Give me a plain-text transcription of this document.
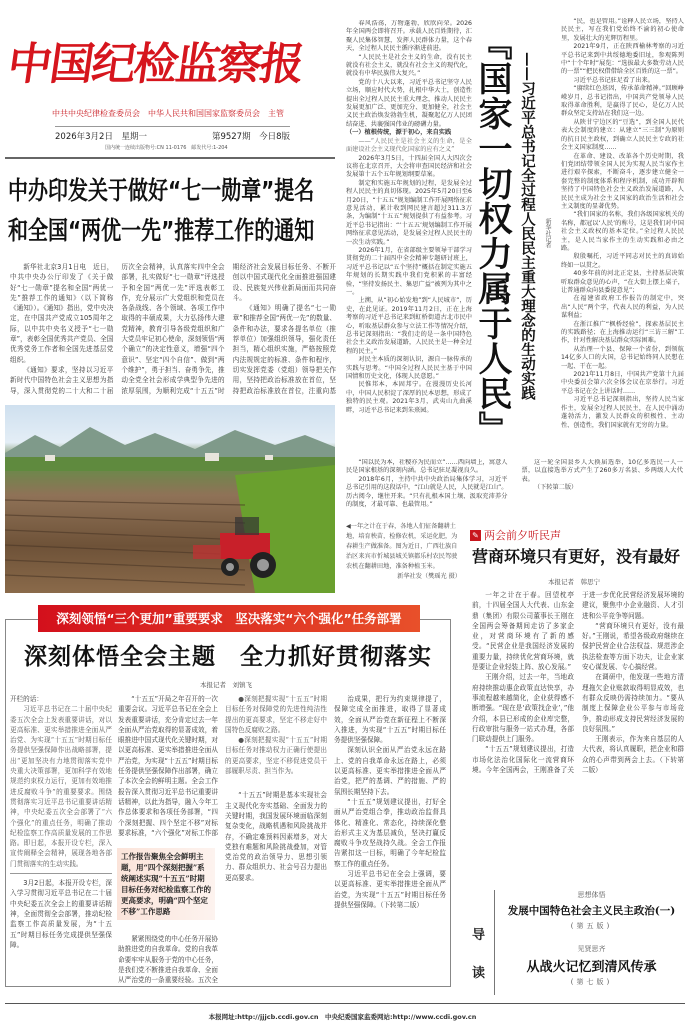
中国纪检监察报
中共中央纪律检查委员会　中华人民共和国国家监察委员会　主管
2026年3月2日　星期一	第9527期　今日8版
国内统一连续出版物号:CN 11-0176　邮发代号:1-204
中办印发关于做好“七一勋章”提名
和全国“两优一先”推荐工作的通知

新华社北京3月1日电　近日，中共中央办公厅印发了《关于做好“七一勋章”提名和全国“两优一先”推荐工作的通知》（以下简称《通知》）。《通知》指出，党中央决定，在中国共产党成立105周年之际，以中共中央名义授予“七一勋章”，表彰全国优秀共产党员、全国优秀党务工作者和全国先进基层党组织。

《通知》要求，坚持以习近平新时代中国特色社会主义思想为指导，深入贯彻党的二十大和二十届历次全会精神，认真落实四中全会部署，扎实做好“七一勋章”评选授予和全国“两优一先”评选表彰工作，充分展示广大党组织和党员在各条战线、各个领域、各项工作中取得的丰硕成果，大力弘扬伟大建党精神，教育引导各级党组织和广大党员牢记初心使命，深刻领悟“两个确立”的决定性意义，增强“四个意识”、坚定“四个自信”、做到“两个维护”，勇于担当、奋勇争先，推动全党全社会形成学典型争先进的浓厚氛围，为顺利完成“十五五”时期经济社会发展目标任务、不断开创以中国式现代化全面推进强国建设、民族复兴伟业新局面而共同奋斗。

《通知》明确了提名“七一勋章”和推荐全国“两优一先”的数量、条件和办法，要求各提名单位（推荐单位）加强组织领导，强化责任担当，精心组织实施，严格按照党内法规规定的标准、条件和程序，切实发挥党委（党组）领导把关作用，坚持把政治标准放在首位，坚持把政治标准放在首位，注重向基

◀一年之计在于春，各地人们征备翻耕土地，培育秧苗，检修农机，采运化肥，为春耕生产做准备。图为近日，广西壮族自治区来宾市忻城县城关镇都乐村农民驾驶农机在翻耕田地，准备种植玉米。
新华社发（樊瑶光 摄）

春风浩荡，万物蓬勃，欣欣向荣。2026年全国两会即将召开。承载人民百姓期待，汇聚人民集体智慧，发挥人民群体力量，这个春天，全过程人民民主循序渐进前进。

“人民民主是社会主义的生命，没有民主就没有社会主义，就没有社会主义的现代化，就没有中华民族伟大复兴。”

党的十八大以来，习近平总书记坚守人民立场，顺应时代大势，扎根中华大土，创造性提出全过程人民民主重大理念，推动人民民主发展更加广泛、更加充分、更加健全，社会主义民主政治焕发勃勃生机，凝聚起亿万人民团结奋进、共襄强国伟业的磅礴力量。

（一）植根传统，源于初心，来自实践

——“人民民主是社会主义的生命，是全面建设社会主义现代化国家的应有之义”

2026年3月5日，十四届全国人大四次会议将在北京召开，大会将审查国民经济和社会发展第十五个五年规划纲要草案。

制定和实施五年规划的过程，是发展全过程人民民主的真切体现。2025年5月20日至6月20日，“十五五”规划编制工作开展网络征求意见活动，累计收到网民建言超过311.3万条，为编制“十五五”规划提供了有益参考。习近平总书记指出：“‘十五五’规划编制工作开展网络征求意见活动，是发展全过程人民民主的一次生动实践。”

2026年1月，在省部级主要领导干部学习贯彻党的二十届四中全会精神专题研讨班上，习近平总书记以“五个坚持”概括在制定实施五年规划的长期实践中我们党积累的丰富经验，“坚持发扬民主、集思广益”被列为其中之一。

上溯，从“初心始发地”到“人民城市”，历史，在此见证。2019年11月2日，正在上海考察的习近平总书记来到虹桥街道古北市民中心，听取基层群众参与立法工作等情况介绍，总书记深刻指出：“我们走的是一条中国特色社会主义政治发展道路，人民民主是一种全过程的民主。”

对民主本质的深刻认识，源自一脉传承的实践与思考。“中国全过程人民民主基于中国国情和历史文化，体现人民意愿。”

民惟邦本，本固邦宁。在漫漫历史长河中，中国人民积淀了深厚的民本思想，形成了独特的民主观。2021年3月，武夷山九曲溪畔，习近平总书记来到朱熹园。	『国家一切权力属于人民』 ——习近平总书记全过程人民民主重大理念的生动实践 新华社记者

“民，也是管用。”诠释人民立场，坚持人民民主，写在我们党始终不渝的初心使命里，发展壮大的光辉历程里。

2021年9月，正在陕西榆林考察的习近平总书记来到中共绥德地委旧址，参观陈列中“十个年时”展览：“选拔最大多数劳动人民的一票”“把民权借借给全区百姓的这一票”。

习近平总书记驻足看了出来。

“赓续红色基因，传承革命精神。”回顾峥嵘岁月，总书记指出，中国共产党领导人民取得革命胜利，是赢得了民心，是亿万人民群众坚定支持站在我们这一边。

从陕甘宁边区的“豆选”，到全国人民代表大会制度的建立：从建立“三三制”为原则的抗日民主政权，到确立人民民主专政的社会主义国家制度……

在革命、建设、改革各个历史时期，我们党团结带领全国人民为实现人民当家作主进行艰辛探索，不断奋斗，逐步建立健全一套完整的制度体系和程序机制，成功开辟和坚持了中国特色社会主义政治发展道路，人民民主成为社会主义国家的政治生活和社会主义制度的显著优势。

“我们国家的名称，我们各级国家机关的名称，都冠以‘人民’的称号，这是我们对中国社会主义政权的基本定位。”全过程人民民主，是人民当家作主的生动实践和必由之路。

殷殷嘱托，习近平同志对民主的真谛始终如一以贯之。

40多年前的河北正定县，主持基层决策听取群众意见的心声，“在大街上摆上桌子，让普通群众向县委提意见”；

在福建省政府工作报告的制定中，突出“人民”两个字，代表人民的利益，为人民谋利益；

在浙江推广“枫桥经验”，探索基层民主的实践路径；在上海推动运行“三访三解”工作，针对性解决基层群众实际困难。

从治理一个县、保障一个省份，到领航14亿多人口的大国，总书记始终同人民想在一起、干在一起。

2021年11月8日，中国共产党第十九届中央委员会第六次全体会议在京举行。习近平总书记在会上讲话时……

习近平总书记深刻指出，坚持人民当家作主，发展全过程人民民主，在人民中涌动蓬勃活力，激发人民群众的积极性、主动性、创造性，我们国家就有无穷的力量。

“国以民为本，社稷亦为民而立”……西向墙上，寓意人民是国家根基的深刻内涵。总书记驻足凝视良久。

2018年6月，主持中共中央政治局集体学习，习近平总书记引用的这段话中，“江山就是人民，人民就是江山”。历古阅今，继往开来。“只有扎根本国土壤、汲取充沛养分的制度，才最可靠、也最管用。”

这一轮全国县乡人大换届选举，10亿多选民一人一票，以直接选举方式产生了260多万名县、乡两级人大代表。

（下转第二版）

✎ 两会前夕听民声
营商环境只有更好，没有最好
本报记者　韩思宁

一年之计在于春。回望枕亭前，十四届全国人大代表、山东金鼎（集团）有限公司董事长王刚在全国两会筹备期间走访了多家企业，对营商环境有了新的感受。“民营企业是我国经济发展的重要力量，持续优化营商环境，就是要让企业轻装上阵、放心发展。”

王刚介绍，过去一年，当地政府持续推动惠企政策直达快享，办事流程越来越简化，企业获得感不断增强。“现在是‘政策找企业’，”他介绍，本县已形成的企业库完整，行政审批与服务一站式办理，各部门联动提供上门服务。

“十五五”规划建议提出，打造市场化法治化国际化一流营商环境。今年全国两会，王刚准备了关于进一步优化民营经济发展环境的建议，聚焦中小企业融资、人才引进和公平竞争等问题。

“营商环境只有更好，没有最好。”王刚说，希望各级政府继续在保护民营企业合法权益、规范涉企执法检查等方面下功夫，让企业家安心谋发展、专心搞经营。

在调研中，他发现一些地方清理拖欠企业账款取得明显成效，也有群众反映仍需持续加力。“要从制度上保障企业公平参与市场竞争，推动形成支持民营经济发展的良好氛围。”

王刚表示，作为来自基层的人大代表，将认真履职，把企业和群众的心声带到两会上去。（下转第二版）

深刻领悟“三个更加”重要要求　坚决落实“六个强化”任务部署
深刻体悟全会主题　全力抓好贯彻落实
本报记者　刘镇飞

开栏的话：

习近平总书记在二十届中央纪委五次全会上发表重要讲话，对以更高标准、更实举措推进全面从严治党、为实现“十五五”时期目标任务提供坚强保障作出战略部署，提出“更加坚决有力地贯彻落实党中央重大决策部署，更加科学有效地规范约束权力运行，更加有效地推进反腐败斗争”的重要要求。围绕贯彻落实习近平总书记重要讲话精神，中央纪委五次全会部署了“六个强化”的重点任务，明确了推动纪检监察工作高质量发展的工作思路。即日起，本报开设专栏，深入宣传阐释全会精神，展现各地各部门贯彻落实的生动实践。

3月2日起，本报开设专栏，深入学习贯彻习近平总书记在二十届中央纪委五次全会上的重要讲话精神，全面贯彻全会部署，推动纪检监察工作高质量发展，为“十五五”时期目标任务完成提供坚强保障。

“十五五”开局之年召开的一次重要会议。习近平总书记在全会上发表重要讲话，充分肯定过去一年全面从严治党取得的显著成效，着眼推进中国式现代化关键时期，对以更高标准、更实举措推进全面从严治党，为实现“十五五”时期目标任务提供坚强保障作出部署，确立了本次全会的鲜明主题。全会工作报告深入贯彻习近平总书记重要讲话精神，以此为指导，融入今年工作总体要求和各项任务部署，“四个深刻把握、四个坚定不移”对标要求标准，“六个强化”对标工作部

工作报告聚焦全会鲜明主题，用“四个深刻把握”系统阐述实现“十五五”时期目标任务对纪检监察工作的更高要求，明确“四个坚定不移”工作思路

紧紧围绕党的中心任务开展协助推进党的自我革命。党的自我革命要牢牢从服务于党的中心任务，是我们党不断推进自我革命、全面从严治党的一条重要经验。五次全

●深刻把握实现“十五五”时期目标任务对保障党的先进性纯洁性提出的更高要求，坚定不移走好中国特色反腐败之路。

●深刻把握实现“十五五”时期目标任务对推动权力正确行使提出的更高要求，坚定不移促进党员干部履职尽责、担当作为。

“十五五”时期是基本实现社会主义现代化夯实基础、全面发力的关键时期，我国发展环境面临深刻复杂变化，战略机遇和风险挑战并存，不确定难预料因素增多，对大党独有难题和风险挑战叠加，对管党治党的政治领导力、思想引领力、群众组织力、社会号召力提出更高要求。

治成果，把行为约束规律提了，保障完成全面推进，取得了显著成效，全面从严治党在新征程上不断深入推进，为实现“十五五”时期目标任务提供坚强保障。

深刻认识全面从严治党永远在路上、党的自我革命永远在路上，必须以更高标准、更实举措推进全面从严治党，把严的基调、严的措施、严的氛围长期坚持下去。

“十五五”规划建议提出，打好全面从严治党组合拳，推动政治监督具体化、精准化、常态化，持续深化整治形式主义为基层减负，坚决打赢反腐败斗争攻坚战持久战。全会工作报告紧扣这一目标，明确了今年纪检监察工作的重点任务。

习近平总书记在全会上强调，要以更高标准、更实举措推进全面从严治党，为实现“十五五”时期目标任务提供坚强保障。（下转第二版）

导读
思想体悟
发展中国特色社会主义民主政治(一)
(第五版)
见贤思齐
从战火记忆到清风传承
(第七版)
本报网址:http://jjjcb.ccdi.gov.cn　中央纪委国家监委网站:http://www.ccdi.gov.cn
